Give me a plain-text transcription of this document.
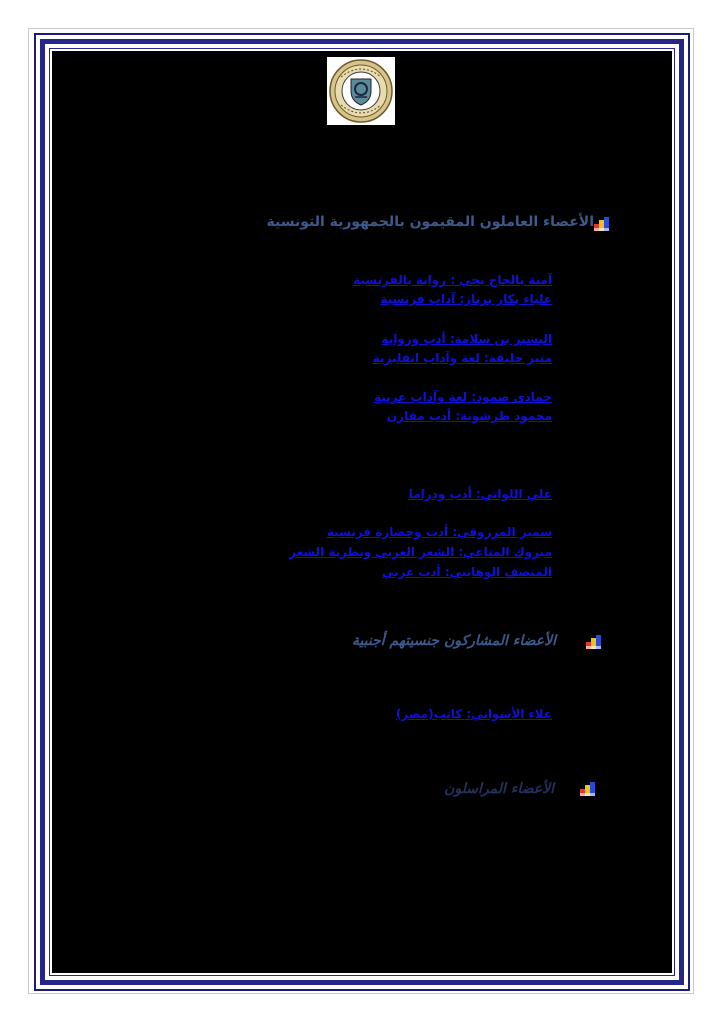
الأعضاء العاملون المقيمون بالجمهورية التونسية
آمنة بالحاج يحي : رواية بالفرنسية
علياء بكار بزناز: آداب فرنسية
البشير بن سلامة: أدب ورواية
منير خليفة: لغة وآداب انقليزية
حمادي صمود: لغة وآداب عربية
محمود طرشونة: أدب مقارن
علي اللواتي: أدب ودراما
سمير المرزوقي: أدب وحضارة فرنسية
مبروك المناعي: الشعر العربي ونظرية الشعر
المنصف الوهايبي: أدب عربي
الأعضاء المشاركون جنسيتهم أجنبية
علاء الأسواني: كاتب(مصر)
الأعضاء المراسلون
